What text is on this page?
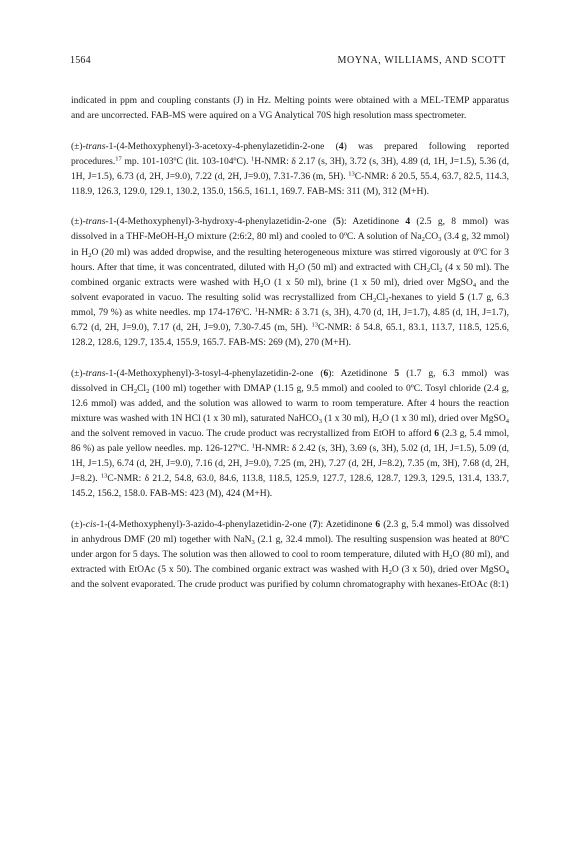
1564	MOYNA, WILLIAMS, AND SCOTT

indicated in ppm and coupling constants (J) in Hz. Melting points were obtained with a MEL-TEMP apparatus and are uncorrected. FAB-MS were aquired on a VG Analytical 70S high resolution mass spectrometer.

(±)-trans-1-(4-Methoxyphenyl)-3-acetoxy-4-phenylazetidin-2-one (4) was prepared following reported procedures.$^{17}$ mp. 101-103ºC (lit. 103-104ºC). $^1$H-NMR: δ 2.17 (s, 3H), 3.72 (s, 3H), 4.89 (d, 1H, J=1.5), 5.36 (d, 1H, J=1.5), 6.73 (d, 2H, J=9.0), 7.22 (d, 2H, J=9.0), 7.31-7.36 (m, 5H). $^{13}$C-NMR: δ 20.5, 55.4, 63.7, 82.5, 114.3, 118.9, 126.3, 129.0, 129.1, 130.2, 135.0, 156.5, 161.1, 169.7. FAB-MS: 311 (M), 312 (M+H).

(±)-trans-1-(4-Methoxyphenyl)-3-hydroxy-4-phenylazetidin-2-one (5): Azetidinone 4 (2.5 g, 8 mmol) was dissolved in a THF-$MeOH-H_2O$ mixture (2:6:2, 80 ml) and cooled to 0ºC. A solution of $Na_2CO_3$ (3.4 g, 32 mmol) in $H_2O$ (20 ml) was added dropwise, and the resulting heterogeneous mixture was stirred vigorously at 0ºC for 3 hours. After that time, it was concentrated, diluted with $H_2O$ (50 ml) and extracted with $CH_2Cl_2$ (4 x 50 ml). The combined organic extracts were washed with $H_2O$ (1 x 50 ml), brine (1 x 50 ml), dried over MgSO$_4$ and the solvent evaporated in vacuo. The resulting solid was recrystallized from $CH_2Cl_2$-hexanes to yield 5 (1.7 g, 6.3 mmol, 79 %) as white needles. mp 174-176ºC. $^1$H-NMR: δ 3.71 (s, 3H), 4.70 (d, 1H, J=1.7), 4.85 (d, 1H, J=1.7), 6.72 (d, 2H, J=9.0), 7.17 (d, 2H, J=9.0), 7.30-7.45 (m, 5H). $^{13}$C-NMR: δ 54.8, 65.1, 83.1, 113.7, 118.5, 125.6, 128.2, 128.6, 129.7, 135.4, 155.9, 165.7. FAB-MS: 269 (M), 270 (M+H).

(±)-trans-1-(4-Methoxyphenyl)-3-tosyl-4-phenylazetidin-2-one (6): Azetidinone 5 (1.7 g, 6.3 mmol) was dissolved in $CH_2Cl_2$ (100 ml) together with DMAP (1.15 g, 9.5 mmol) and cooled to 0ºC. Tosyl chloride (2.4 g, 12.6 mmol) was added, and the solution was allowed to warm to room temperature. After 4 hours the reaction mixture was washed with 1N HCl (1 x 30 ml), saturated NaHCO$_3$ (1 x 30 ml), $H_2O$ (1 x 30 ml), dried over MgSO$_4$ and the solvent removed in vacuo. The crude product was recrystallized from EtOH to afford 6 (2.3 g, 5.4 mmol, 86 %) as pale yellow needles. mp. 126-127ºC. $^1$H-NMR: δ 2.42 (s, 3H), 3.69 (s, 3H), 5.02 (d, 1H, J=1.5), 5.09 (d, 1H, J=1.5), 6.74 (d, 2H, J=9.0), 7.16 (d, 2H, J=9.0), 7.25 (m, 2H), 7.27 (d, 2H, J=8.2), 7.35 (m, 3H), 7.68 (d, 2H, J=8.2). $^{13}$C-NMR: δ 21.2, 54.8, 63.0, 84.6, 113.8, 118.5, 125.9, 127.7, 128.6, 128.7, 129.3, 129.5, 131.4, 133.7, 145.2, 156.2, 158.0. FAB-MS: 423 (M), 424 (M+H).

(±)-cis-1-(4-Methoxyphenyl)-3-azido-4-phenylazetidin-2-one (7): Azetidinone 6 (2.3 g, 5.4 mmol) was dissolved in anhydrous DMF (20 ml) together with NaN$_3$ (2.1 g, 32.4 mmol). The resulting suspension was heated at 80ºC under argon for 5 days. The solution was then allowed to cool to room temperature, diluted with $H_2O$ (80 ml), and extracted with EtOAc (5 x 50). The combined organic extract was washed with $H_2O$ (3 x 50), dried over MgSO$_4$ and the solvent evaporated. The crude product was purified by column chromatography with hexanes-EtOAc (8:1)
